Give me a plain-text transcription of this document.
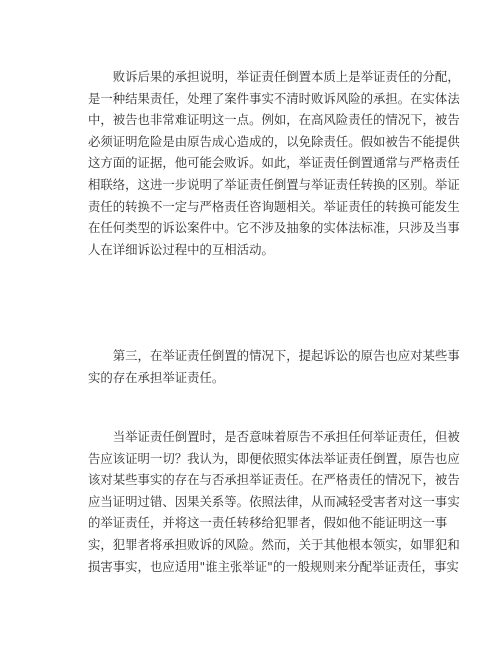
　　败诉后果的承担说明，举证责任倒置本质上是举证责任的分配，
是一种结果责任，处理了案件事实不清时败诉风险的承担。在实体法
中，被告也非常难证明这一点。例如，在高风险责任的情况下，被告
必须证明危险是由原告成心造成的，以免除责任。假如被告不能提供
这方面的证据，他可能会败诉。如此，举证责任倒置通常与严格责任
相联络，这进一步说明了举证责任倒置与举证责任转换的区别。举证
责任的转换不一定与严格责任咨询题相关。举证责任的转换可能发生
在任何类型的诉讼案件中。它不涉及抽象的实体法标准，只涉及当事
人在详细诉讼过程中的互相活动。
　　第三，在举证责任倒置的情况下，提起诉讼的原告也应对某些事
实的存在承担举证责任。
　　当举证责任倒置时，是否意味着原告不承担任何举证责任，但被
告应该证明一切？我认为，即便依照实体法举证责任倒置，原告也应
该对某些事实的存在与否承担举证责任。在严格责任的情况下，被告
应当证明过错、因果关系等。依照法律，从而减轻受害者对这一事实
的举证责任，并将这一责任转移给犯罪者，假如他不能证明这一事
实，犯罪者将承担败诉的风险。然而，关于其他根本领实，如罪犯和
损害事实，也应适用"谁主张举证"的一般规则来分配举证责任，事实
